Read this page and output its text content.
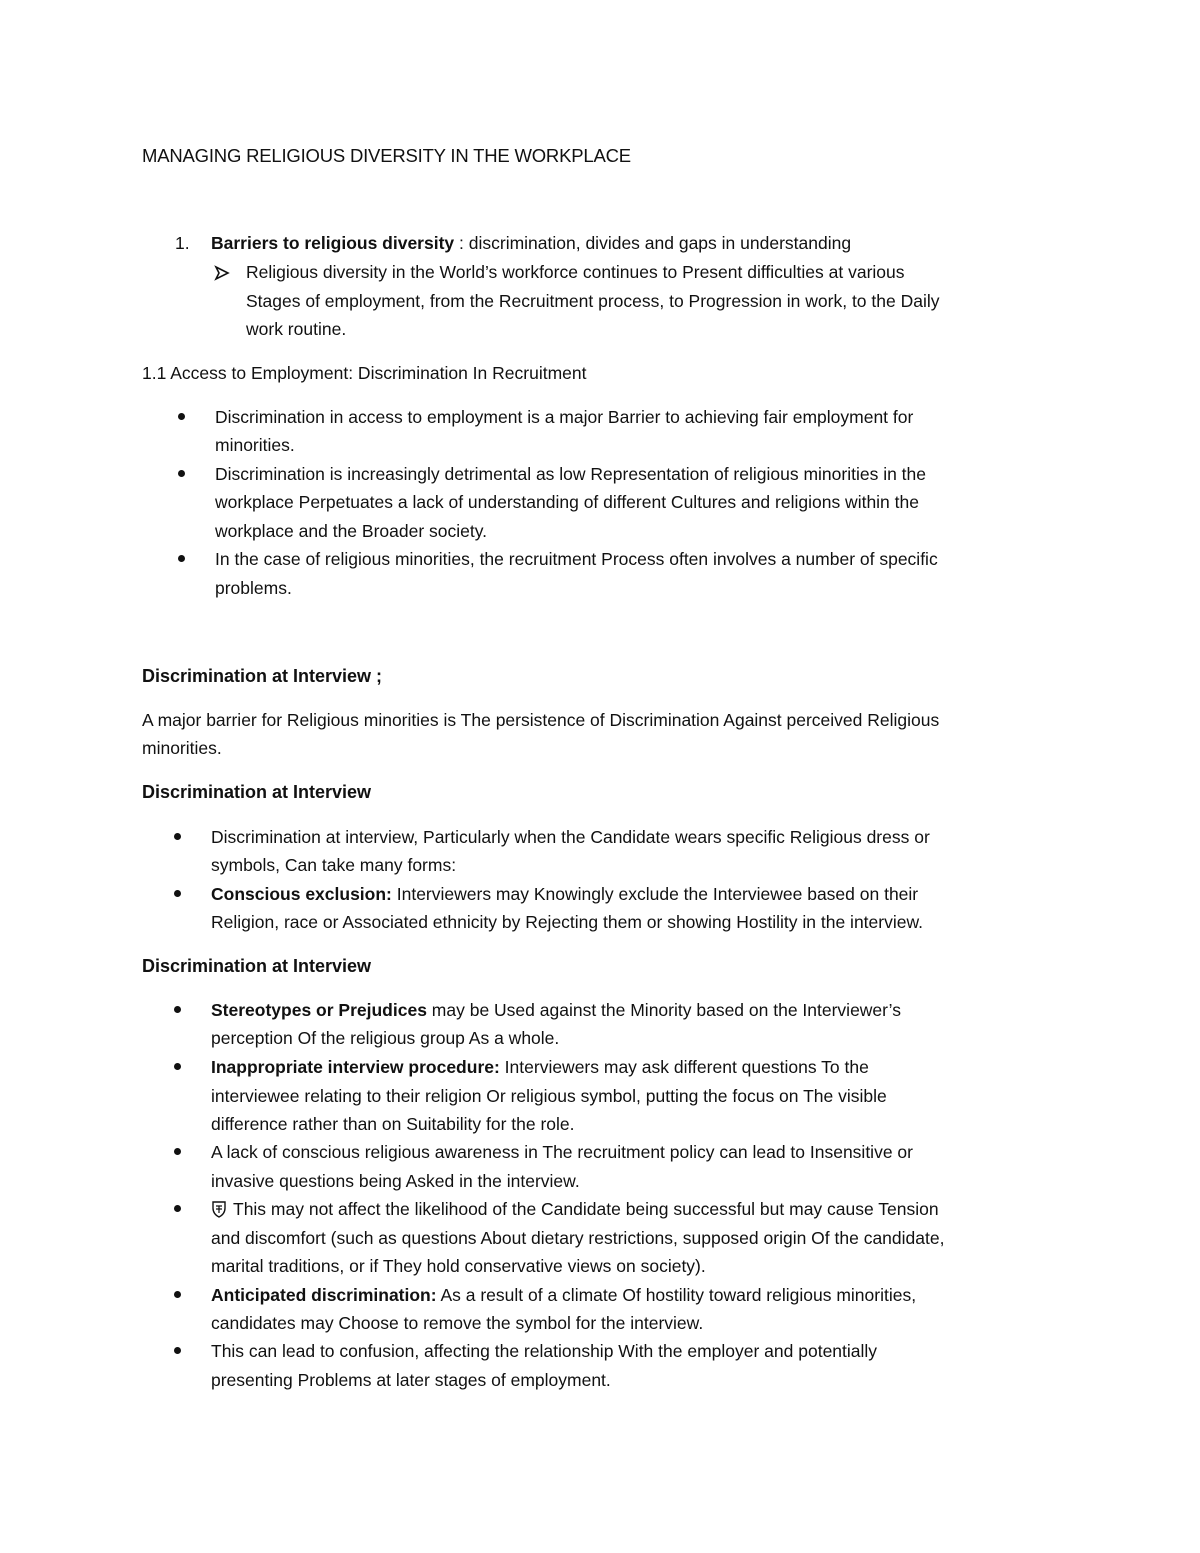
MANAGING RELIGIOUS DIVERSITY IN THE WORKPLACE
1. Barriers to religious diversity : discrimination, divides and gaps in understanding
Religious diversity in the World’s workforce continues to Present difficulties at various
Stages of employment, from the Recruitment process, to Progression in work, to the Daily
work routine.
1.1 Access to Employment: Discrimination In Recruitment
Discrimination in access to employment is a major Barrier to achieving fair employment for
minorities.
Discrimination is increasingly detrimental as low Representation of religious minorities in the
workplace Perpetuates a lack of understanding of different Cultures and religions within the
workplace and the Broader society.
In the case of religious minorities, the recruitment Process often involves a number of specific
problems.
Discrimination at Interview ;
A major barrier for Religious minorities is The persistence of Discrimination Against perceived Religious
minorities.
Discrimination at Interview
Discrimination at interview, Particularly when the Candidate wears specific Religious dress or
symbols, Can take many forms:
Conscious exclusion: Interviewers may Knowingly exclude the Interviewee based on their
Religion, race or Associated ethnicity by Rejecting them or showing Hostility in the interview.
Discrimination at Interview
Stereotypes or Prejudices may be Used against the Minority based on the Interviewer’s
perception Of the religious group As a whole.
Inappropriate interview procedure: Interviewers may ask different questions To the
interviewee relating to their religion Or religious symbol, putting the focus on The visible
difference rather than on Suitability for the role.
A lack of conscious religious awareness in The recruitment policy can lead to Insensitive or
invasive questions being Asked in the interview.
This may not affect the likelihood of the Candidate being successful but may cause Tension
and discomfort (such as questions About dietary restrictions, supposed origin Of the candidate,
marital traditions, or if They hold conservative views on society).
Anticipated discrimination: As a result of a climate Of hostility toward religious minorities,
candidates may Choose to remove the symbol for the interview.
This can lead to confusion, affecting the relationship With the employer and potentially
presenting Problems at later stages of employment.
